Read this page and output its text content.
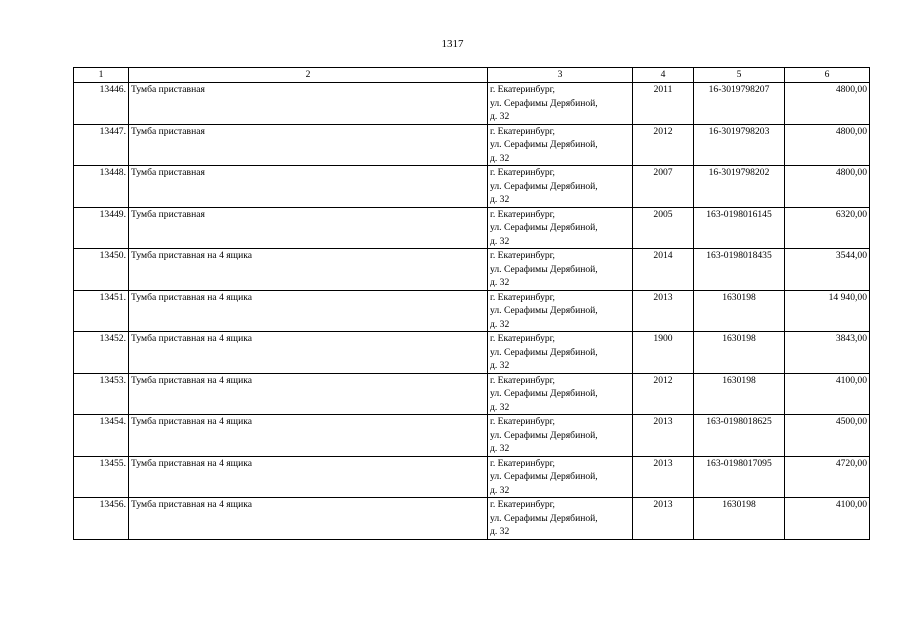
1317
1	2	3	4	5	6
13446.	Тумба приставная	г. Екатеринбург,
ул. Серафимы Дерябиной,
д. 32	2011	16-3019798207	4800,00
13447.	Тумба приставная	г. Екатеринбург,
ул. Серафимы Дерябиной,
д. 32	2012	16-3019798203	4800,00
13448.	Тумба приставная	г. Екатеринбург,
ул. Серафимы Дерябиной,
д. 32	2007	16-3019798202	4800,00
13449.	Тумба приставная	г. Екатеринбург,
ул. Серафимы Дерябиной,
д. 32	2005	163-0198016145	6320,00
13450.	Тумба приставная на 4 ящика	г. Екатеринбург,
ул. Серафимы Дерябиной,
д. 32	2014	163-0198018435	3544,00
13451.	Тумба приставная на 4 ящика	г. Екатеринбург,
ул. Серафимы Дерябиной,
д. 32	2013	1630198	14 940,00
13452.	Тумба приставная на 4 ящика	г. Екатеринбург,
ул. Серафимы Дерябиной,
д. 32	1900	1630198	3843,00
13453.	Тумба приставная на 4 ящика	г. Екатеринбург,
ул. Серафимы Дерябиной,
д. 32	2012	1630198	4100,00
13454.	Тумба приставная на 4 ящика	г. Екатеринбург,
ул. Серафимы Дерябиной,
д. 32	2013	163-0198018625	4500,00
13455.	Тумба приставная на 4 ящика	г. Екатеринбург,
ул. Серафимы Дерябиной,
д. 32	2013	163-0198017095	4720,00
13456.	Тумба приставная на 4 ящика	г. Екатеринбург,
ул. Серафимы Дерябиной,
д. 32	2013	1630198	4100,00
